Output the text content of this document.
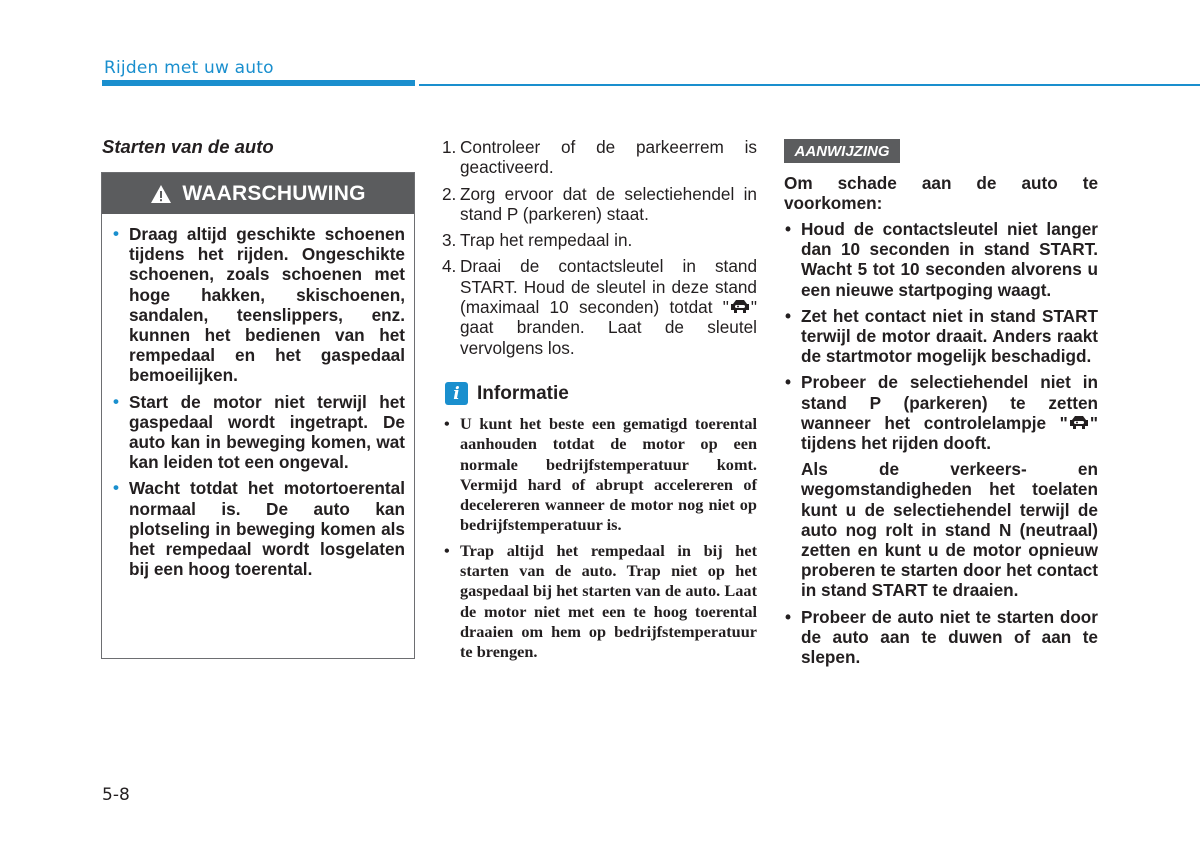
Rijden met uw auto
Starten van de auto
WAARSCHUWING
• Draag altijd geschikte schoenen tijdens het rijden. Ongeschikte schoenen, zoals schoenen met hoge hakken, skischoenen, sandalen, teenslippers, enz. kunnen het bedienen van het rempedaal en het gaspedaal bemoeilijken.
• Start de motor niet terwijl het gaspedaal wordt ingetrapt. De auto kan in beweging komen, wat kan leiden tot een ongeval.
• Wacht totdat het motortoerental normaal is. De auto kan plotseling in beweging komen als het rempedaal wordt losgelaten bij een hoog toerental.
1. Controleer of de parkeerrem is geactiveerd.
2. Zorg ervoor dat de selectiehendel in stand P (parkeren) staat.
3. Trap het rempedaal in.
4. Draai de contactsleutel in stand START. Houd de sleutel in deze stand (maximaal 10 seconden) totdat " " gaat branden. Laat de sleutel vervolgens los.
i Informatie
• U kunt het beste een gematigd toerental aanhouden totdat de motor op een normale bedrijfstemperatuur komt. Vermijd hard of abrupt accelereren of decelereren wanneer de motor nog niet op bedrijfstemperatuur is.
• Trap altijd het rempedaal in bij het starten van de auto. Trap niet op het gaspedaal bij het starten van de auto. Laat de motor niet met een te hoog toerental draaien om hem op bedrijfstemperatuur te brengen.
AANWIJZING
Om schade aan de auto te voorkomen:
• Houd de contactsleutel niet langer dan 10 seconden in stand START. Wacht 5 tot 10 seconden alvorens u een nieuwe startpoging waagt.
• Zet het contact niet in stand START terwijl de motor draait. Anders raakt de startmotor mogelijk beschadigd.

• Probeer de selectiehendel niet in stand P (parkeren) te zetten wanneer het controlelampje " " tijdens het rijden dooft.

Als de verkeers- en wegomstandigheden het toelaten kunt u de selectiehendel terwijl de auto nog rolt in stand N (neutraal) zetten en kunt u de motor opnieuw proberen te starten door het contact in stand START te draaien.

• Probeer de auto niet te starten door de auto aan te duwen of aan te slepen.
5-8
